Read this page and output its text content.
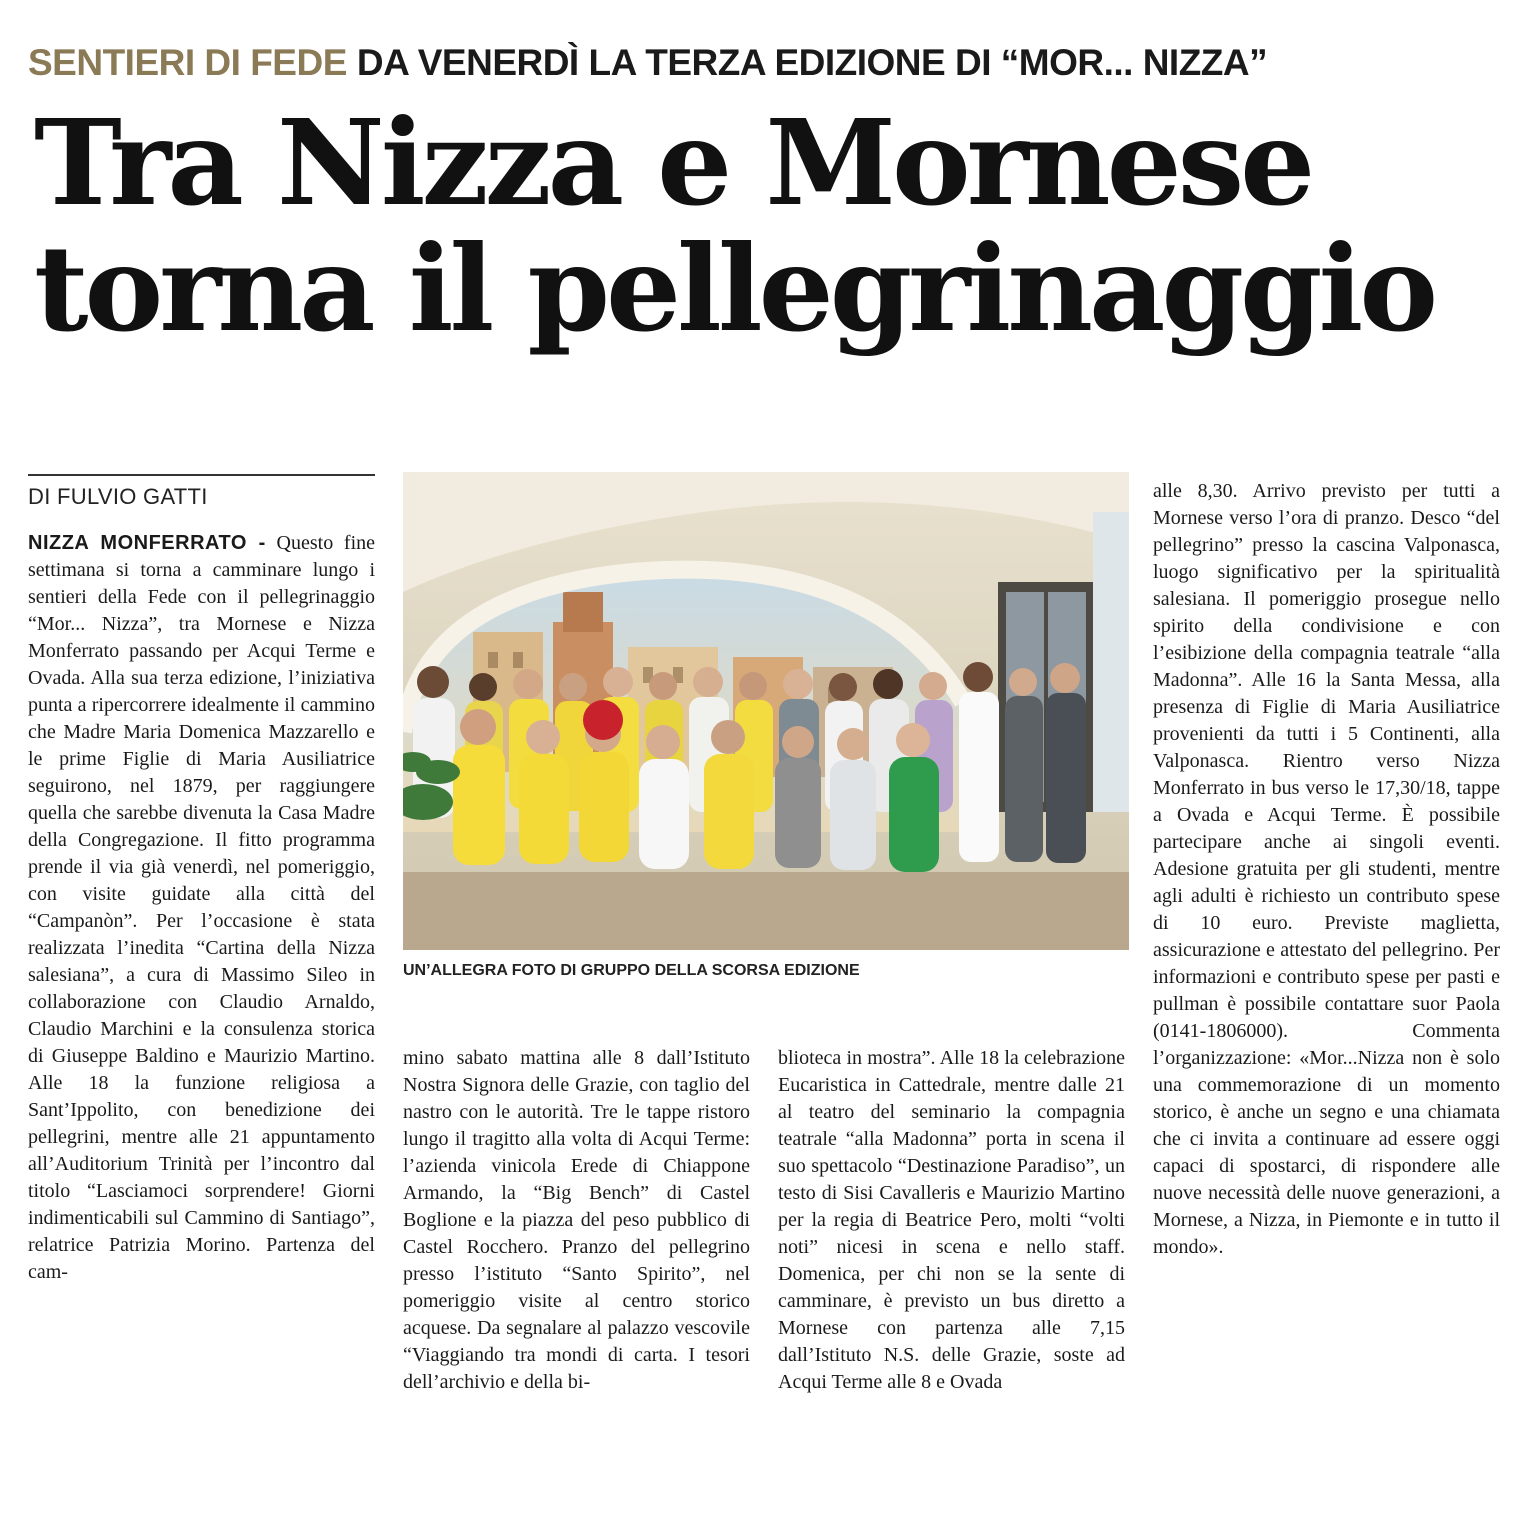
SENTIERI DI FEDE DA VENERDÌ LA TERZA EDIZIONE DI “MOR... NIZZA”
Tra Nizza e Mornese
torna il pellegrinaggio
DI FULVIO GATTI

NIZZA MONFERRATO - Questo fine settimana si torna a camminare lungo i sentieri della Fede con il pellegrinaggio “Mor... Nizza”, tra Mornese e Nizza Monferrato passando per Acqui Terme e Ovada. Alla sua terza edizione, l’iniziativa punta a ripercorrere idealmente il cammino che Madre Maria Domenica Mazzarello e le prime Figlie di Maria Ausiliatrice seguirono, nel 1879, per raggiungere quella che sarebbe divenuta la Casa Madre della Congregazione. Il fitto programma prende il via già venerdì, nel pomeriggio, con visite guidate alla città del “Campanòn”. Per l’occasione è stata realizzata l’inedita “Cartina della Nizza salesiana”, a cura di Massimo Sileo in collaborazione con Claudio Arnaldo, Claudio Marchini e la consulenza storica di Giuseppe Baldino e Maurizio Martino. Alle 18 la funzione religiosa a Sant’Ippolito, con benedizione dei pellegrini, mentre alle 21 appuntamento all’Auditorium Trinità per l’incontro dal titolo “Lasciamoci sorprendere! Giorni indimenticabili sul Cammino di Santiago”, relatrice Patrizia Morino. Partenza del cam-

UN’ALLEGRA FOTO DI GRUPPO DELLA SCORSA EDIZIONE

mino sabato mattina alle 8 dall’Istituto Nostra Signora delle Grazie, con taglio del nastro con le autorità. Tre le tappe ristoro lungo il tragitto alla volta di Acqui Terme: l’azienda vinicola Erede di Chiappone Armando, la “Big Bench” di Castel Boglione e la piazza del peso pubblico di Castel Rocchero. Pranzo del pellegrino presso l’istituto “Santo Spirito”, nel pomeriggio visite al centro storico acquese. Da segnalare al palazzo vescovile “Viaggiando tra mondi di carta. I tesori dell’archivio e della bi-

blioteca in mostra”. Alle 18 la celebrazione Eucaristica in Cattedrale, mentre dalle 21 al teatro del seminario la compagnia teatrale “alla Madonna” porta in scena il suo spettacolo “Destinazione Paradiso”, un testo di Sisi Cavalleris e Maurizio Martino per la regia di Beatrice Pero, molti “volti noti” nicesi in scena e nello staff. Domenica, per chi non se la sente di camminare, è previsto un bus diretto a Mornese con partenza alle 7,15 dall’Istituto N.S. delle Grazie, soste ad Acqui Terme alle 8 e Ovada

alle 8,30. Arrivo previsto per tutti a Mornese verso l’ora di pranzo. Desco “del pellegrino” presso la cascina Valponasca, luogo significativo per la spiritualità salesiana. Il pomeriggio prosegue nello spirito della condivisione e con l’esibizione della compagnia teatrale “alla Madonna”. Alle 16 la Santa Messa, alla presenza di Figlie di Maria Ausiliatrice provenienti da tutti i 5 Continenti, alla Valponasca. Rientro verso Nizza Monferrato in bus verso le 17,30/18, tappe a Ovada e Acqui Terme. È possibile partecipare anche ai singoli eventi. Adesione gratuita per gli studenti, mentre agli adulti è richiesto un contributo spese di 10 euro. Previste maglietta, assicurazione e attestato del pellegrino. Per informazioni e contributo spese per pasti e pullman è possibile contattare suor Paola (0141-1806000). Commenta l’organizzazione: «Mor...Nizza non è solo una commemorazione di un momento storico, è anche un segno e una chiamata che ci invita a continuare ad essere oggi capaci di spostarci, di rispondere alle nuove necessità delle nuove generazioni, a Mornese, a Nizza, in Piemonte e in tutto il mondo».
